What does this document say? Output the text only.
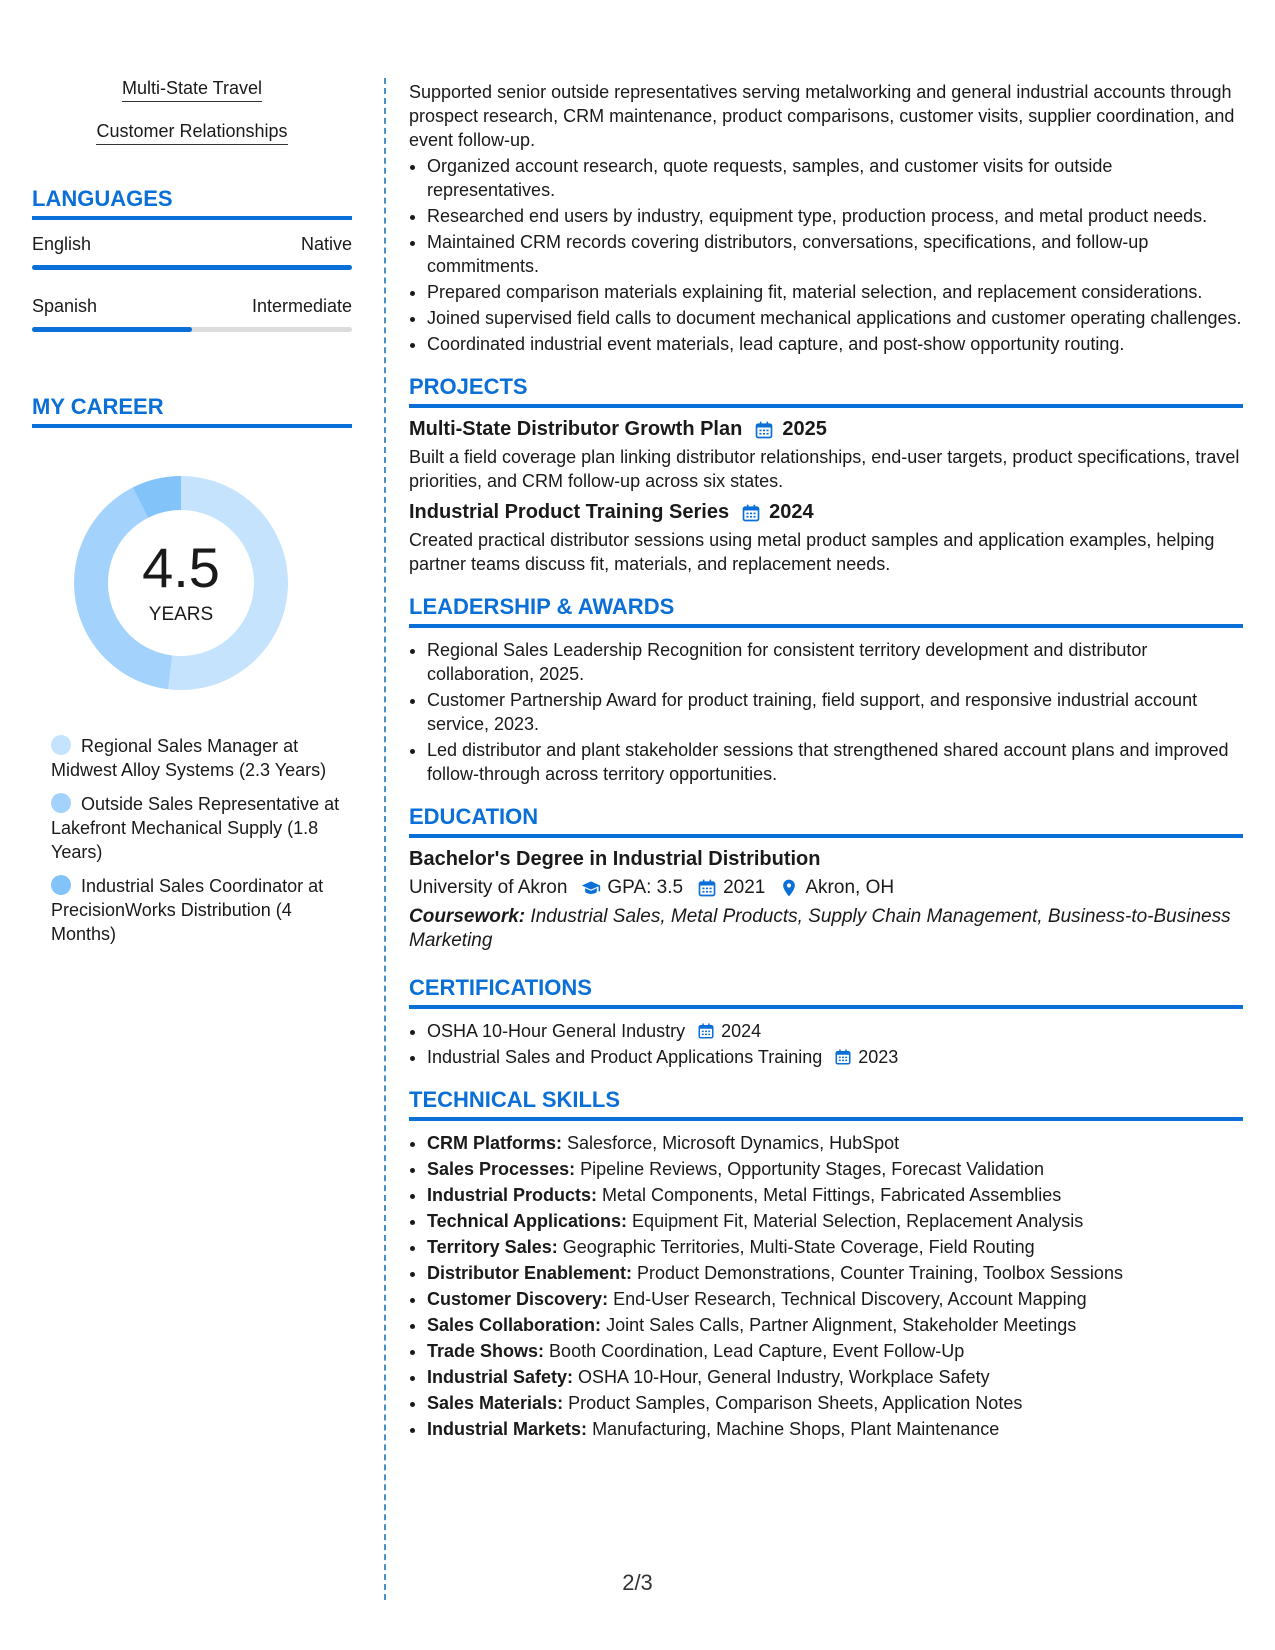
Multi-State Travel
Customer Relationships
LANGUAGES
English	Native
Spanish	Intermediate
MY CAREER
4.5
YEARS
Regional Sales Manager at Midwest Alloy Systems (2.3 Years)
Outside Sales Representative at Lakefront Mechanical Supply (1.8 Years)
Industrial Sales Coordinator at PrecisionWorks Distribution (4 Months)
Supported senior outside representatives serving metalworking and general industrial accounts through prospect research, CRM maintenance, product comparisons, customer visits, supplier coordination, and event follow-up.
• Organized account research, quote requests, samples, and customer visits for outside representatives.
• Researched end users by industry, equipment type, production process, and metal product needs.
• Maintained CRM records covering distributors, conversations, specifications, and follow-up commitments.
• Prepared comparison materials explaining fit, material selection, and replacement considerations.
• Joined supervised field calls to document mechanical applications and customer operating challenges.
• Coordinated industrial event materials, lead capture, and post-show opportunity routing.
PROJECTS
Multi-State Distributor Growth Plan 2025
Built a field coverage plan linking distributor relationships, end-user targets, product specifications, travel priorities, and CRM follow-up across six states.
Industrial Product Training Series 2024
Created practical distributor sessions using metal product samples and application examples, helping partner teams discuss fit, materials, and replacement needs.
LEADERSHIP & AWARDS
• Regional Sales Leadership Recognition for consistent territory development and distributor collaboration, 2025.
• Customer Partnership Award for product training, field support, and responsive industrial account service, 2023.
• Led distributor and plant stakeholder sessions that strengthened shared account plans and improved follow-through across territory opportunities.
EDUCATION
Bachelor's Degree in Industrial Distribution
University of Akron GPA: 3.5 2021 Akron, OH
Coursework: Industrial Sales, Metal Products, Supply Chain Management, Business-to-Business Marketing
CERTIFICATIONS
• OSHA 10-Hour General Industry 2024
• Industrial Sales and Product Applications Training 2023
TECHNICAL SKILLS
• CRM Platforms: Salesforce, Microsoft Dynamics, HubSpot
• Sales Processes: Pipeline Reviews, Opportunity Stages, Forecast Validation
• Industrial Products: Metal Components, Metal Fittings, Fabricated Assemblies
• Technical Applications: Equipment Fit, Material Selection, Replacement Analysis
• Territory Sales: Geographic Territories, Multi-State Coverage, Field Routing
• Distributor Enablement: Product Demonstrations, Counter Training, Toolbox Sessions
• Customer Discovery: End-User Research, Technical Discovery, Account Mapping
• Sales Collaboration: Joint Sales Calls, Partner Alignment, Stakeholder Meetings
• Trade Shows: Booth Coordination, Lead Capture, Event Follow-Up
• Industrial Safety: OSHA 10-Hour, General Industry, Workplace Safety
• Sales Materials: Product Samples, Comparison Sheets, Application Notes
• Industrial Markets: Manufacturing, Machine Shops, Plant Maintenance
2/3
